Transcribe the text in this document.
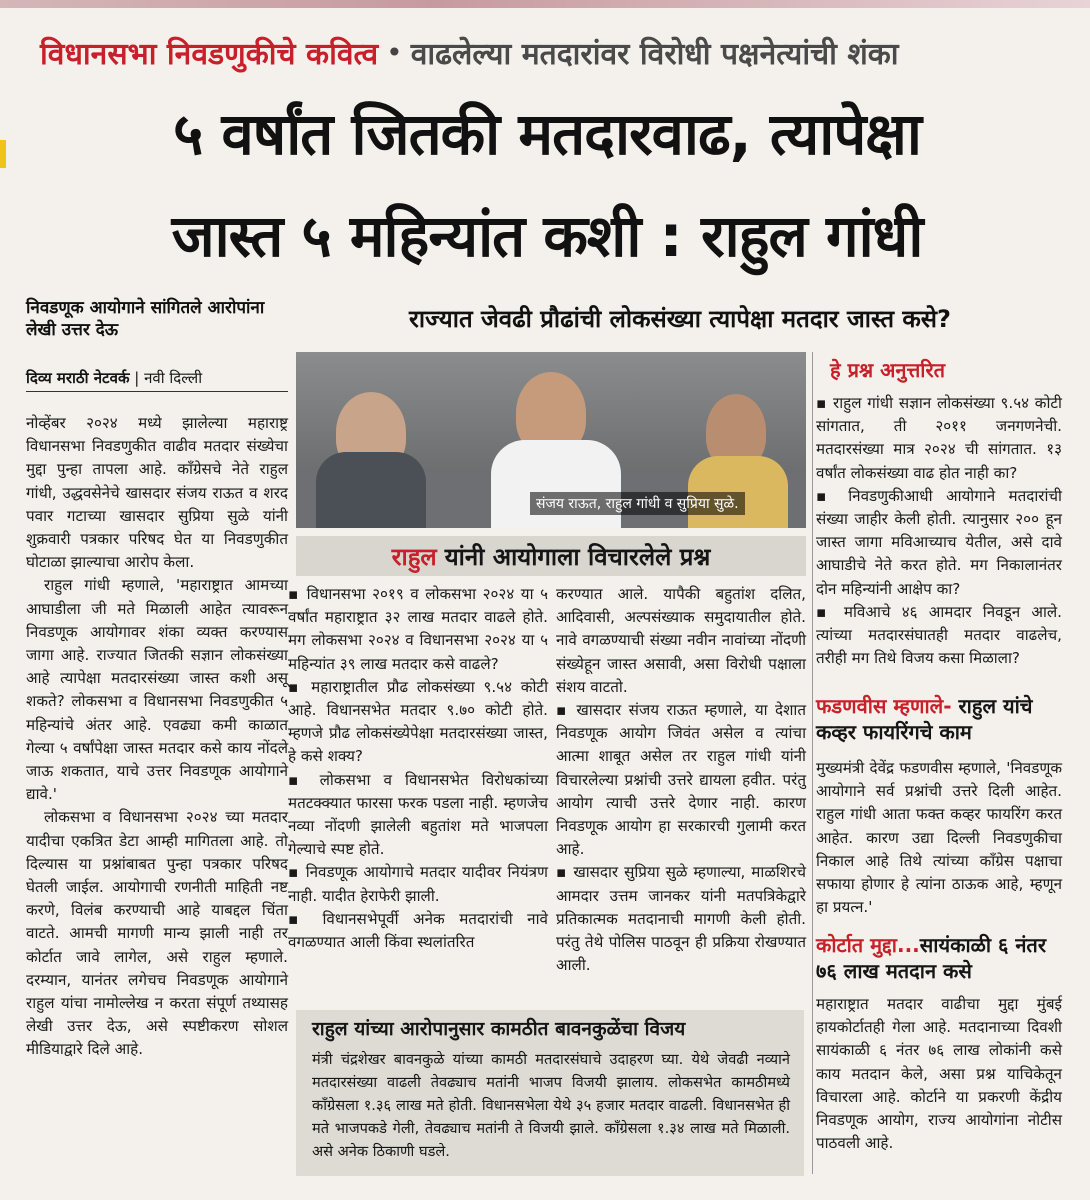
विधानसभा निवडणुकीचे कवित्व • वाढलेल्या मतदारांवर विरोधी पक्षनेत्यांची शंका
५ वर्षांत जितकी मतदारवाढ, त्यापेक्षा
जास्त ५ महिन्यांत कशी : राहुल गांधी
निवडणूक आयोगाने सांगितले आरोपांना लेखी उत्तर देऊ	राज्यात जेवढी प्रौढांची लोकसंख्या त्यापेक्षा मतदार जास्त कसे?
दिव्य मराठी नेटवर्क | नवी दिल्ली

नोव्हेंबर २०२४ मध्ये झालेल्या महाराष्ट्र विधानसभा निवडणुकीत वाढीव मतदार संख्येचा मुद्दा पुन्हा तापला आहे. काँग्रेसचे नेते राहुल गांधी, उद्धवसेनेचे खासदार संजय राऊत व शरद पवार गटाच्या खासदार सुप्रिया सुळे यांनी शुक्रवारी पत्रकार परिषद घेत या निवडणुकीत घोटाळा झाल्याचा आरोप केला.

राहुल गांधी म्हणाले, 'महाराष्ट्रात आमच्या आघाडीला जी मते मिळाली आहेत त्यावरून निवडणूक आयोगावर शंका व्यक्त करण्यास जागा आहे. राज्यात जितकी सज्ञान लोकसंख्या आहे त्यापेक्षा मतदारसंख्या जास्त कशी असू शकते? लोकसभा व विधानसभा निवडणुकीत ५ महिन्यांचे अंतर आहे. एवढ्या कमी काळात गेल्या ५ वर्षांपेक्षा जास्त मतदार कसे काय नोंदले जाऊ शकतात, याचे उत्तर निवडणूक आयोगाने द्यावे.'

लोकसभा व विधानसभा २०२४ च्या मतदार यादीचा एकत्रित डेटा आम्ही मागितला आहे. तो दिल्यास या प्रश्नांबाबत पुन्हा पत्रकार परिषद घेतली जाईल. आयोगाची रणनीती माहिती नष्ट करणे, विलंब करण्याची आहे याबद्दल चिंता वाटते. आमची मागणी मान्य झाली नाही तर कोर्टात जावे लागेल, असे राहुल म्हणाले. दरम्यान, यानंतर लगेचच निवडणूक आयोगाने राहुल यांचा नामोल्लेख न करता संपूर्ण तथ्यासह लेखी उत्तर देऊ, असे स्पष्टीकरण सोशल मीडियाद्वारे दिले आहे.

संजय राऊत, राहुल गांधी व सुप्रिया सुळे.
राहुल यांनी आयोगाला विचारलेले प्रश्न

▪ विधानसभा २०१९ व लोकसभा २०२४ या ५ वर्षांत महाराष्ट्रात ३२ लाख मतदार वाढले होते. मग लोकसभा २०२४ व विधानसभा २०२४ या ५ महिन्यांत ३९ लाख मतदार कसे वाढले?

▪ महाराष्ट्रातील प्रौढ लोकसंख्या ९.५४ कोटी आहे. विधानसभेत मतदार ९.७० कोटी होते. म्हणजे प्रौढ लोकसंख्येपेक्षा मतदारसंख्या जास्त, हे कसे शक्य?

▪ लोकसभा व विधानसभेत विरोधकांच्या मतटक्क्यात फारसा फरक पडला नाही. म्हणजेच नव्या नोंदणी झालेली बहुतांश मते भाजपला गेल्याचे स्पष्ट होते.

▪ निवडणूक आयोगाचे मतदार यादीवर नियंत्रण नाही. यादीत हेराफेरी झाली.

▪ विधानसभेपूर्वी अनेक मतदारांची नावे वगळण्यात आली किंवा स्थलांतरित

करण्यात आले. यापैकी बहुतांश दलित, आदिवासी, अल्पसंख्याक समुदायातील होते. नावे वगळण्याची संख्या नवीन नावांच्या नोंदणी संख्येहून जास्त असावी, असा विरोधी पक्षाला संशय वाटतो.

▪ खासदार संजय राऊत म्हणाले, या देशात निवडणूक आयोग जिवंत असेल व त्यांचा आत्मा शाबूत असेल तर राहुल गांधी यांनी विचारलेल्या प्रश्नांची उत्तरे द्यायला हवीत. परंतु आयोग त्याची उत्तरे देणार नाही. कारण निवडणूक आयोग हा सरकारची गुलामी करत आहे.

▪ खासदार सुप्रिया सुळे म्हणाल्या, माळशिरचे आमदार उत्तम जानकर यांनी मतपत्रिकेद्वारे प्रतिकात्मक मतदानाची मागणी केली होती. परंतु तेथे पोलिस पाठवून ही प्रक्रिया रोखण्यात आली.

हे प्रश्न अनुत्तरित

▪ राहुल गांधी सज्ञान लोकसंख्या ९.५४ कोटी सांगतात, ती २०११ जनगणनेची. मतदारसंख्या मात्र २०२४ ची सांगतात. १३ वर्षांत लोकसंख्या वाढ होत नाही का?

▪ निवडणुकीआधी आयोगाने मतदारांची संख्या जाहीर केली होती. त्यानुसार २०० हून जास्त जागा मविआच्याच येतील, असे दावे आघाडीचे नेते करत होते. मग निकालानंतर दोन महिन्यांनी आक्षेप का?

▪ मविआचे ४६ आमदार निवडून आले. त्यांच्या मतदारसंघातही मतदार वाढलेच, तरीही मग तिथे विजय कसा मिळाला?

फडणवीस म्हणाले- राहुल यांचे कव्हर फायरिंगचे काम
मुख्यमंत्री देवेंद्र फडणवीस म्हणाले, 'निवडणूक आयोगाने सर्व प्रश्नांची उत्तरे दिली आहेत. राहुल गांधी आता फक्त कव्हर फायरिंग करत आहेत. कारण उद्या दिल्ली निवडणुकीचा निकाल आहे तिथे त्यांच्या काँग्रेस पक्षाचा सफाया होणार हे त्यांना ठाऊक आहे, म्हणून हा प्रयत्न.'
कोर्टात मुद्दा...सायंकाळी ६ नंतर ७६ लाख मतदान कसे
महाराष्ट्रात मतदार वाढीचा मुद्दा मुंबई हायकोर्टातही गेला आहे. मतदानाच्या दिवशी सायंकाळी ६ नंतर ७६ लाख लोकांनी कसे काय मतदान केले, असा प्रश्न याचिकेतून विचारला आहे. कोर्टाने या प्रकरणी केंद्रीय निवडणूक आयोग, राज्य आयोगांना नोटीस पाठवली आहे.
राहुल यांच्या आरोपानुसार कामठीत बावनकुळेंचा विजय
मंत्री चंद्रशेखर बावनकुळे यांच्या कामठी मतदारसंघाचे उदाहरण घ्या. येथे जेवढी नव्याने मतदारसंख्या वाढली तेवढ्याच मतांनी भाजप विजयी झालाय. लोकसभेत कामठीमध्ये काँग्रेसला १.३६ लाख मते होती. विधानसभेला येथे ३५ हजार मतदार वाढली. विधानसभेत ही मते भाजपकडे गेली, तेवढ्याच मतांनी ते विजयी झाले. काँग्रेसला १.३४ लाख मते मिळाली. असे अनेक ठिकाणी घडले.
